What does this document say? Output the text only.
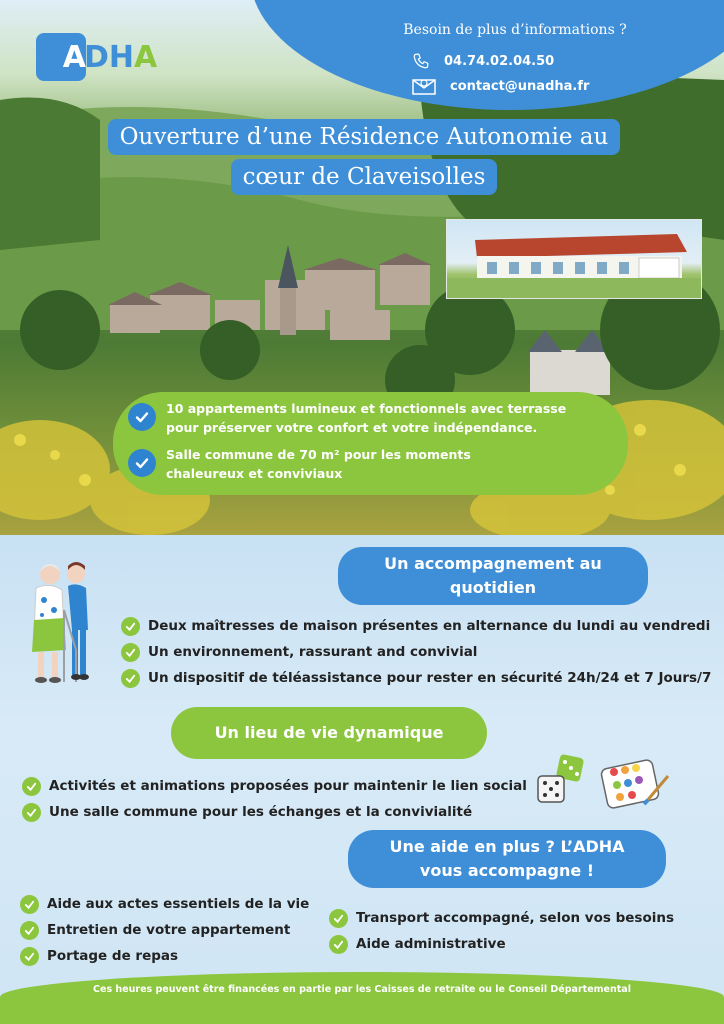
Besoin de plus d’informations ?
04.74.02.04.50
contact@unadha.fr
A
DHA
Ouverture d’une Résidence Autonomie au
cœur de Claveisolles
10 appartements lumineux et fonctionnels avec terrasse
pour préserver votre confort et votre indépendance.
Salle commune de 70 m² pour les moments
chaleureux et conviviaux
Un accompagnement au
quotidien
Deux maîtresses de maison présentes en alternance du lundi au vendredi
Un environnement, rassurant and convivial
Un dispositif de téléassistance pour rester en sécurité 24h/24 et 7 Jours/7
Un lieu de vie dynamique
Activités et animations proposées pour maintenir le lien social
Une salle commune pour les échanges et la convivialité
Une aide en plus ? L’ADHA
vous accompagne !
Aide aux actes essentiels de la vie
Entretien de votre appartement
Portage de repas
Transport accompagné, selon vos besoins
Aide administrative
Ces heures peuvent être financées en partie par les Caisses de retraite ou le Conseil Départemental
